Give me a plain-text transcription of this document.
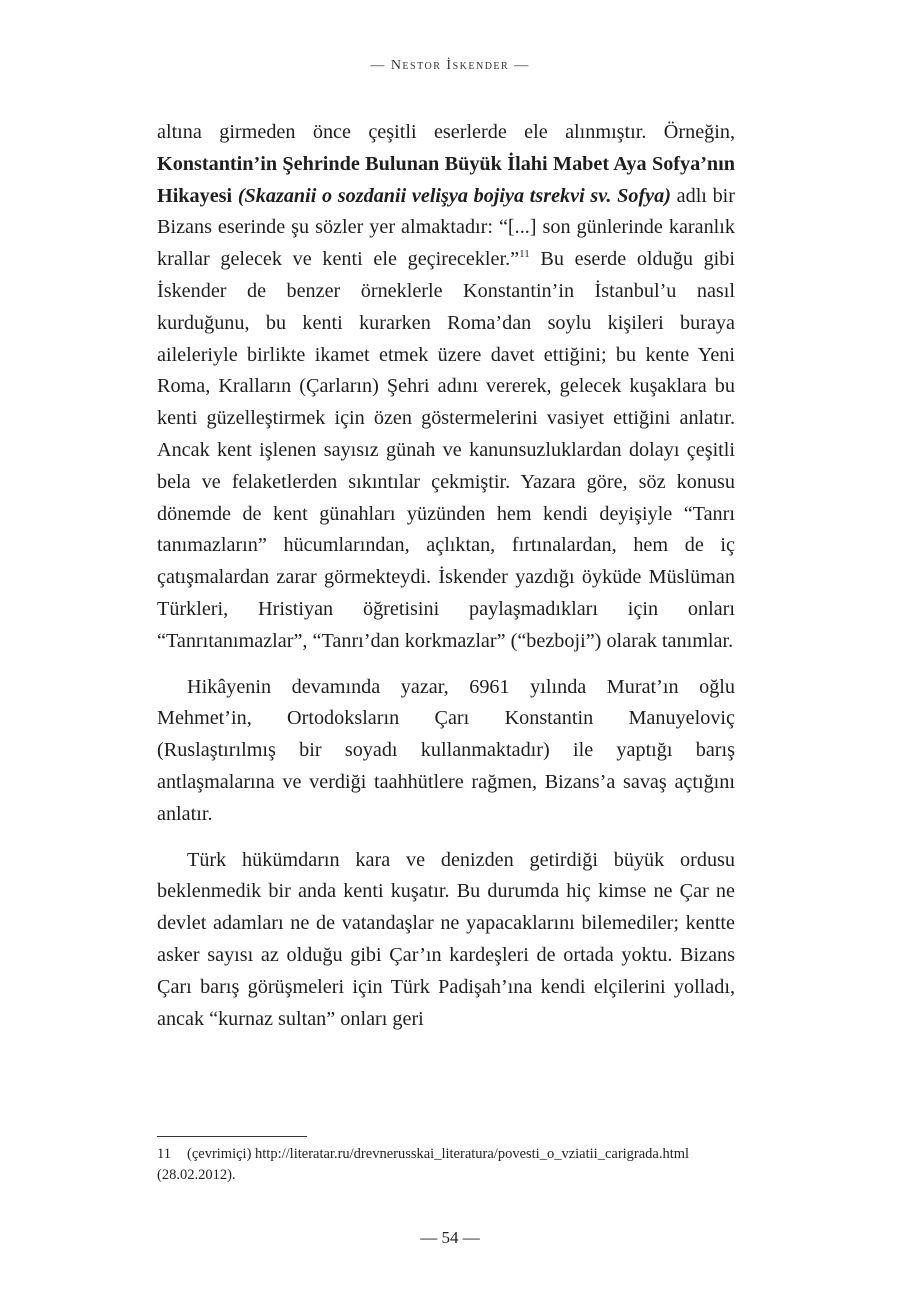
— Nestor İskender —

altına girmeden önce çeşitli eserlerde ele alınmıştır. Örneğin, Konstantin’in Şehrinde Bulunan Büyük İlahi Mabet Aya Sofya’nın Hikayesi (Skazanii o sozdanii velişya bojiya tsrekvi sv. Sofya) adlı bir Bizans eserinde şu sözler yer almaktadır: “[...] son günlerinde karanlık krallar gelecek ve kenti ele geçirecekler.”$^{11}$ Bu eserde olduğu gibi İskender de benzer örneklerle Konstantin’in İstanbul’u nasıl kurduğunu, bu kenti kurarken Roma’dan soylu kişileri buraya aileleriyle birlikte ikamet etmek üzere davet ettiğini; bu kente Yeni Roma, Kralların (Çarların) Şehri adını vererek, gelecek kuşaklara bu kenti güzelleştirmek için özen göstermelerini vasiyet ettiğini anlatır. Ancak kent işlenen sayısız günah ve kanunsuzluklardan dolayı çeşitli bela ve felaketlerden sıkıntılar çekmiştir. Yazara göre, söz konusu dönemde de kent günahları yüzünden hem kendi deyişiyle “Tanrı tanımazların” hücumlarından, açlıktan, fırtınalardan, hem de iç çatışmalardan zarar görmekteydi. İskender yazdığı öyküde Müslüman Türkleri, Hristiyan öğretisini paylaşmadıkları için onları “Tanrıtanımazlar”, “Tanrı’dan korkmazlar” (“bezboji”) olarak tanımlar.

Hikâyenin devamında yazar, 6961 yılında Murat’ın oğlu Mehmet’in, Ortodoksların Çarı Konstantin Manuyeloviç (Ruslaştırılmış bir soyadı kullanmaktadır) ile yaptığı barış antlaşmalarına ve verdiği taahhütlere rağmen, Bizans’a savaş açtığını anlatır.

Türk hükümdarın kara ve denizden getirdiği büyük ordusu beklenmedik bir anda kenti kuşatır. Bu durumda hiç kimse ne Çar ne devlet adamları ne de vatandaşlar ne yapacaklarını bilemediler; kentte asker sayısı az olduğu gibi Çar’ın kardeşleri de ortada yoktu. Bizans Çarı barış görüşmeleri için Türk Padişah’ına kendi elçilerini yolladı, ancak “kurnaz sultan” onları geri

11 (çevrimiçi) http://literatar.ru/drevnerusskai_literatura/povesti_o_vziatii_carigrada.html (28.02.2012).
— 54 —
